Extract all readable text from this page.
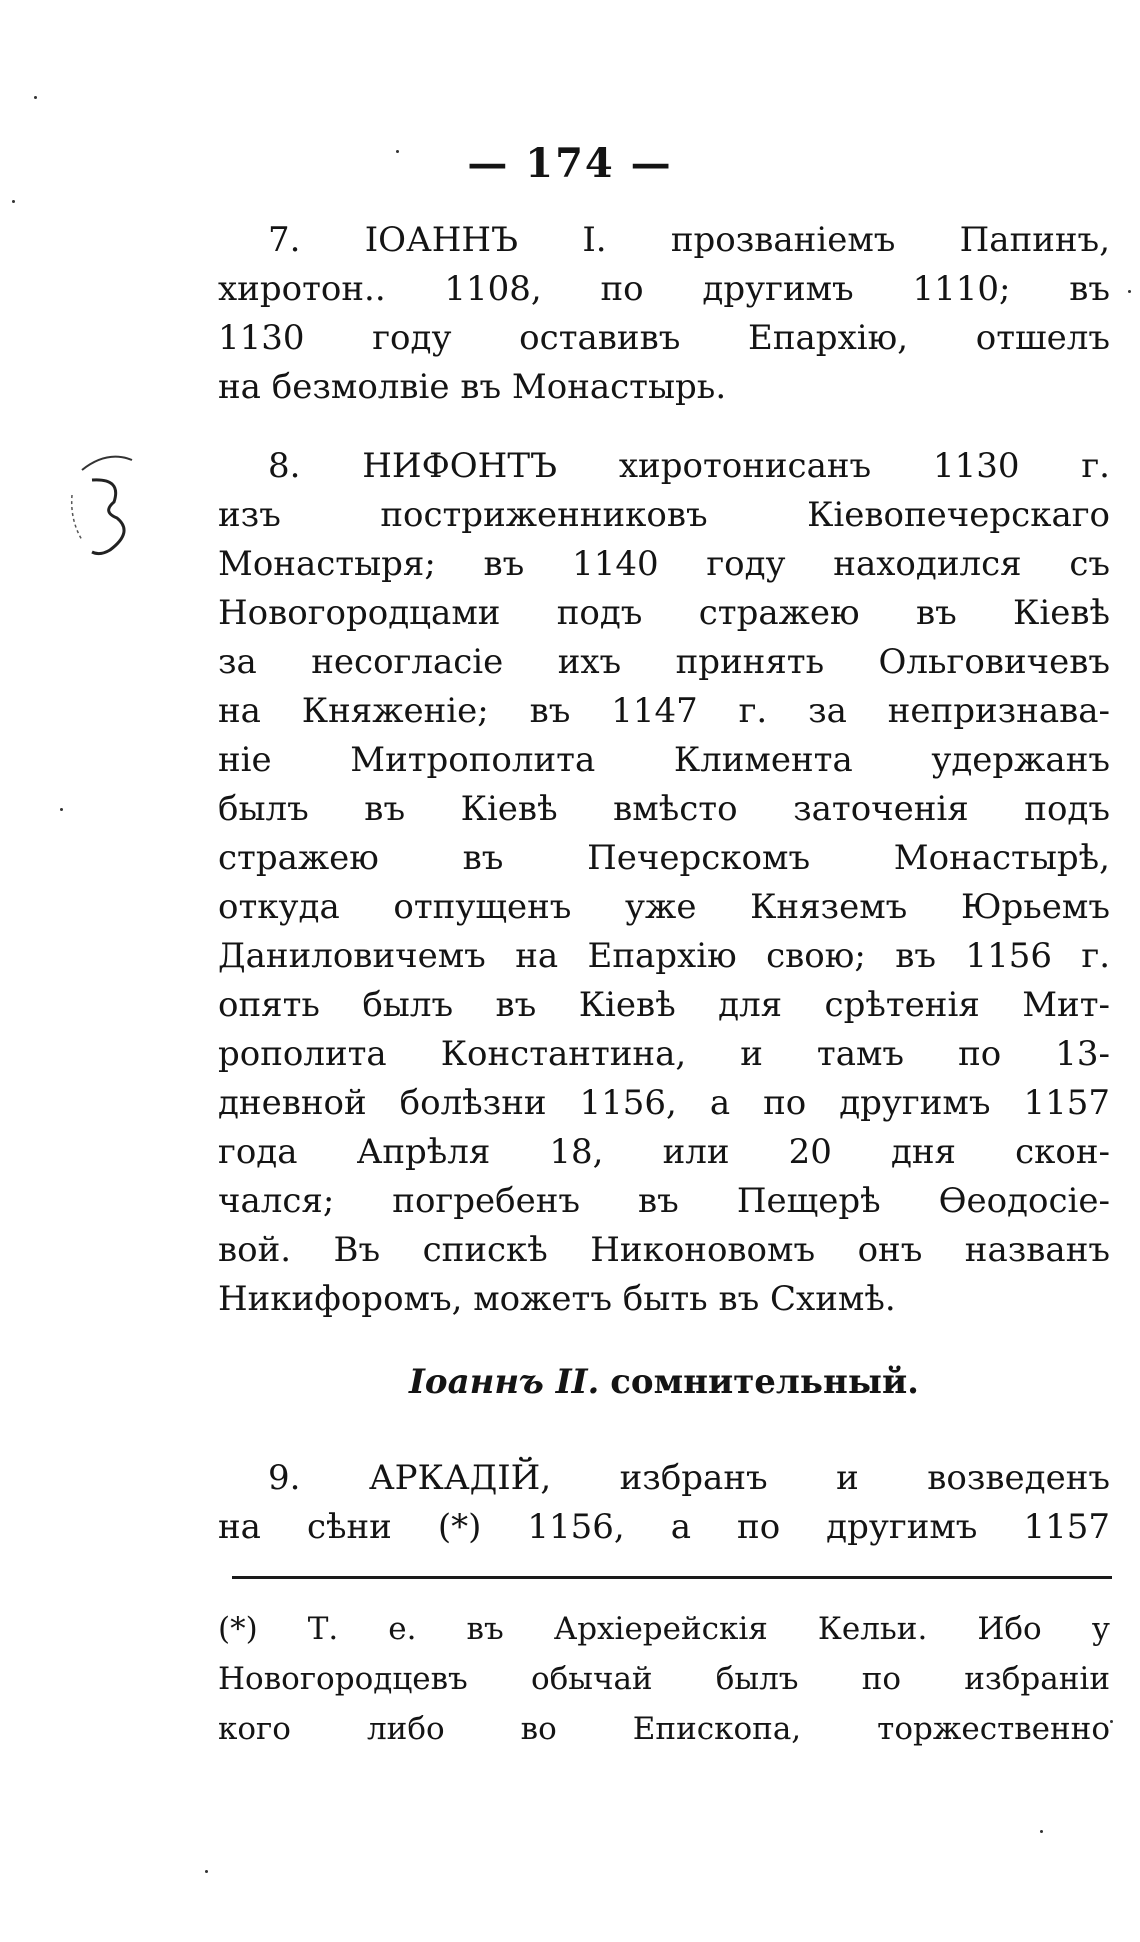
— 174 —
7. ІОАННЪ І. прозваніемъ Папинъ,
хиротон.. 1108, по другимъ 1110; въ
1130 году оставивъ Епархію, отшелъ
на безмолвіе въ Монастырь.
8. НИФОНТЪ хиротонисанъ 1130 г.
изъ постриженниковъ Кіевопечерскаго
Монастыря; въ 1140 году находился съ
Новогородцами подъ стражею въ Кіевѣ
за несогласіе ихъ принять Ольговичевъ
на Княженіе; въ 1147 г. за непризнава-
ніе Митрополита Климента удержанъ
былъ въ Кіевѣ вмѣсто заточенія подъ
стражею въ Печерскомъ Монастырѣ,
откуда отпущенъ уже Княземъ Юрьемъ
Даниловичемъ на Епархію свою; въ 1156 г.
опять былъ въ Кіевѣ для срѣтенія Мит-
рополита Константина, и тамъ по 13-
дневной болѣзни 1156, а по другимъ 1157
года Апрѣля 18, или 20 дня скон-
чался; погребенъ въ Пещерѣ Ѳеодосіе-
вой. Въ спискѣ Никоновомъ онъ названъ
Никифоромъ, можетъ быть въ Схимѣ.
Іоаннъ II. сомнительный.
9. АРКАДІЙ, избранъ и возведенъ
на сѣни (*) 1156, а по другимъ 1157
(*) Т. е. въ Архіерейскія Кельи. Ибо у
Новогородцевъ обычай былъ по избраніи
кого либо во Епископа, торжественно
